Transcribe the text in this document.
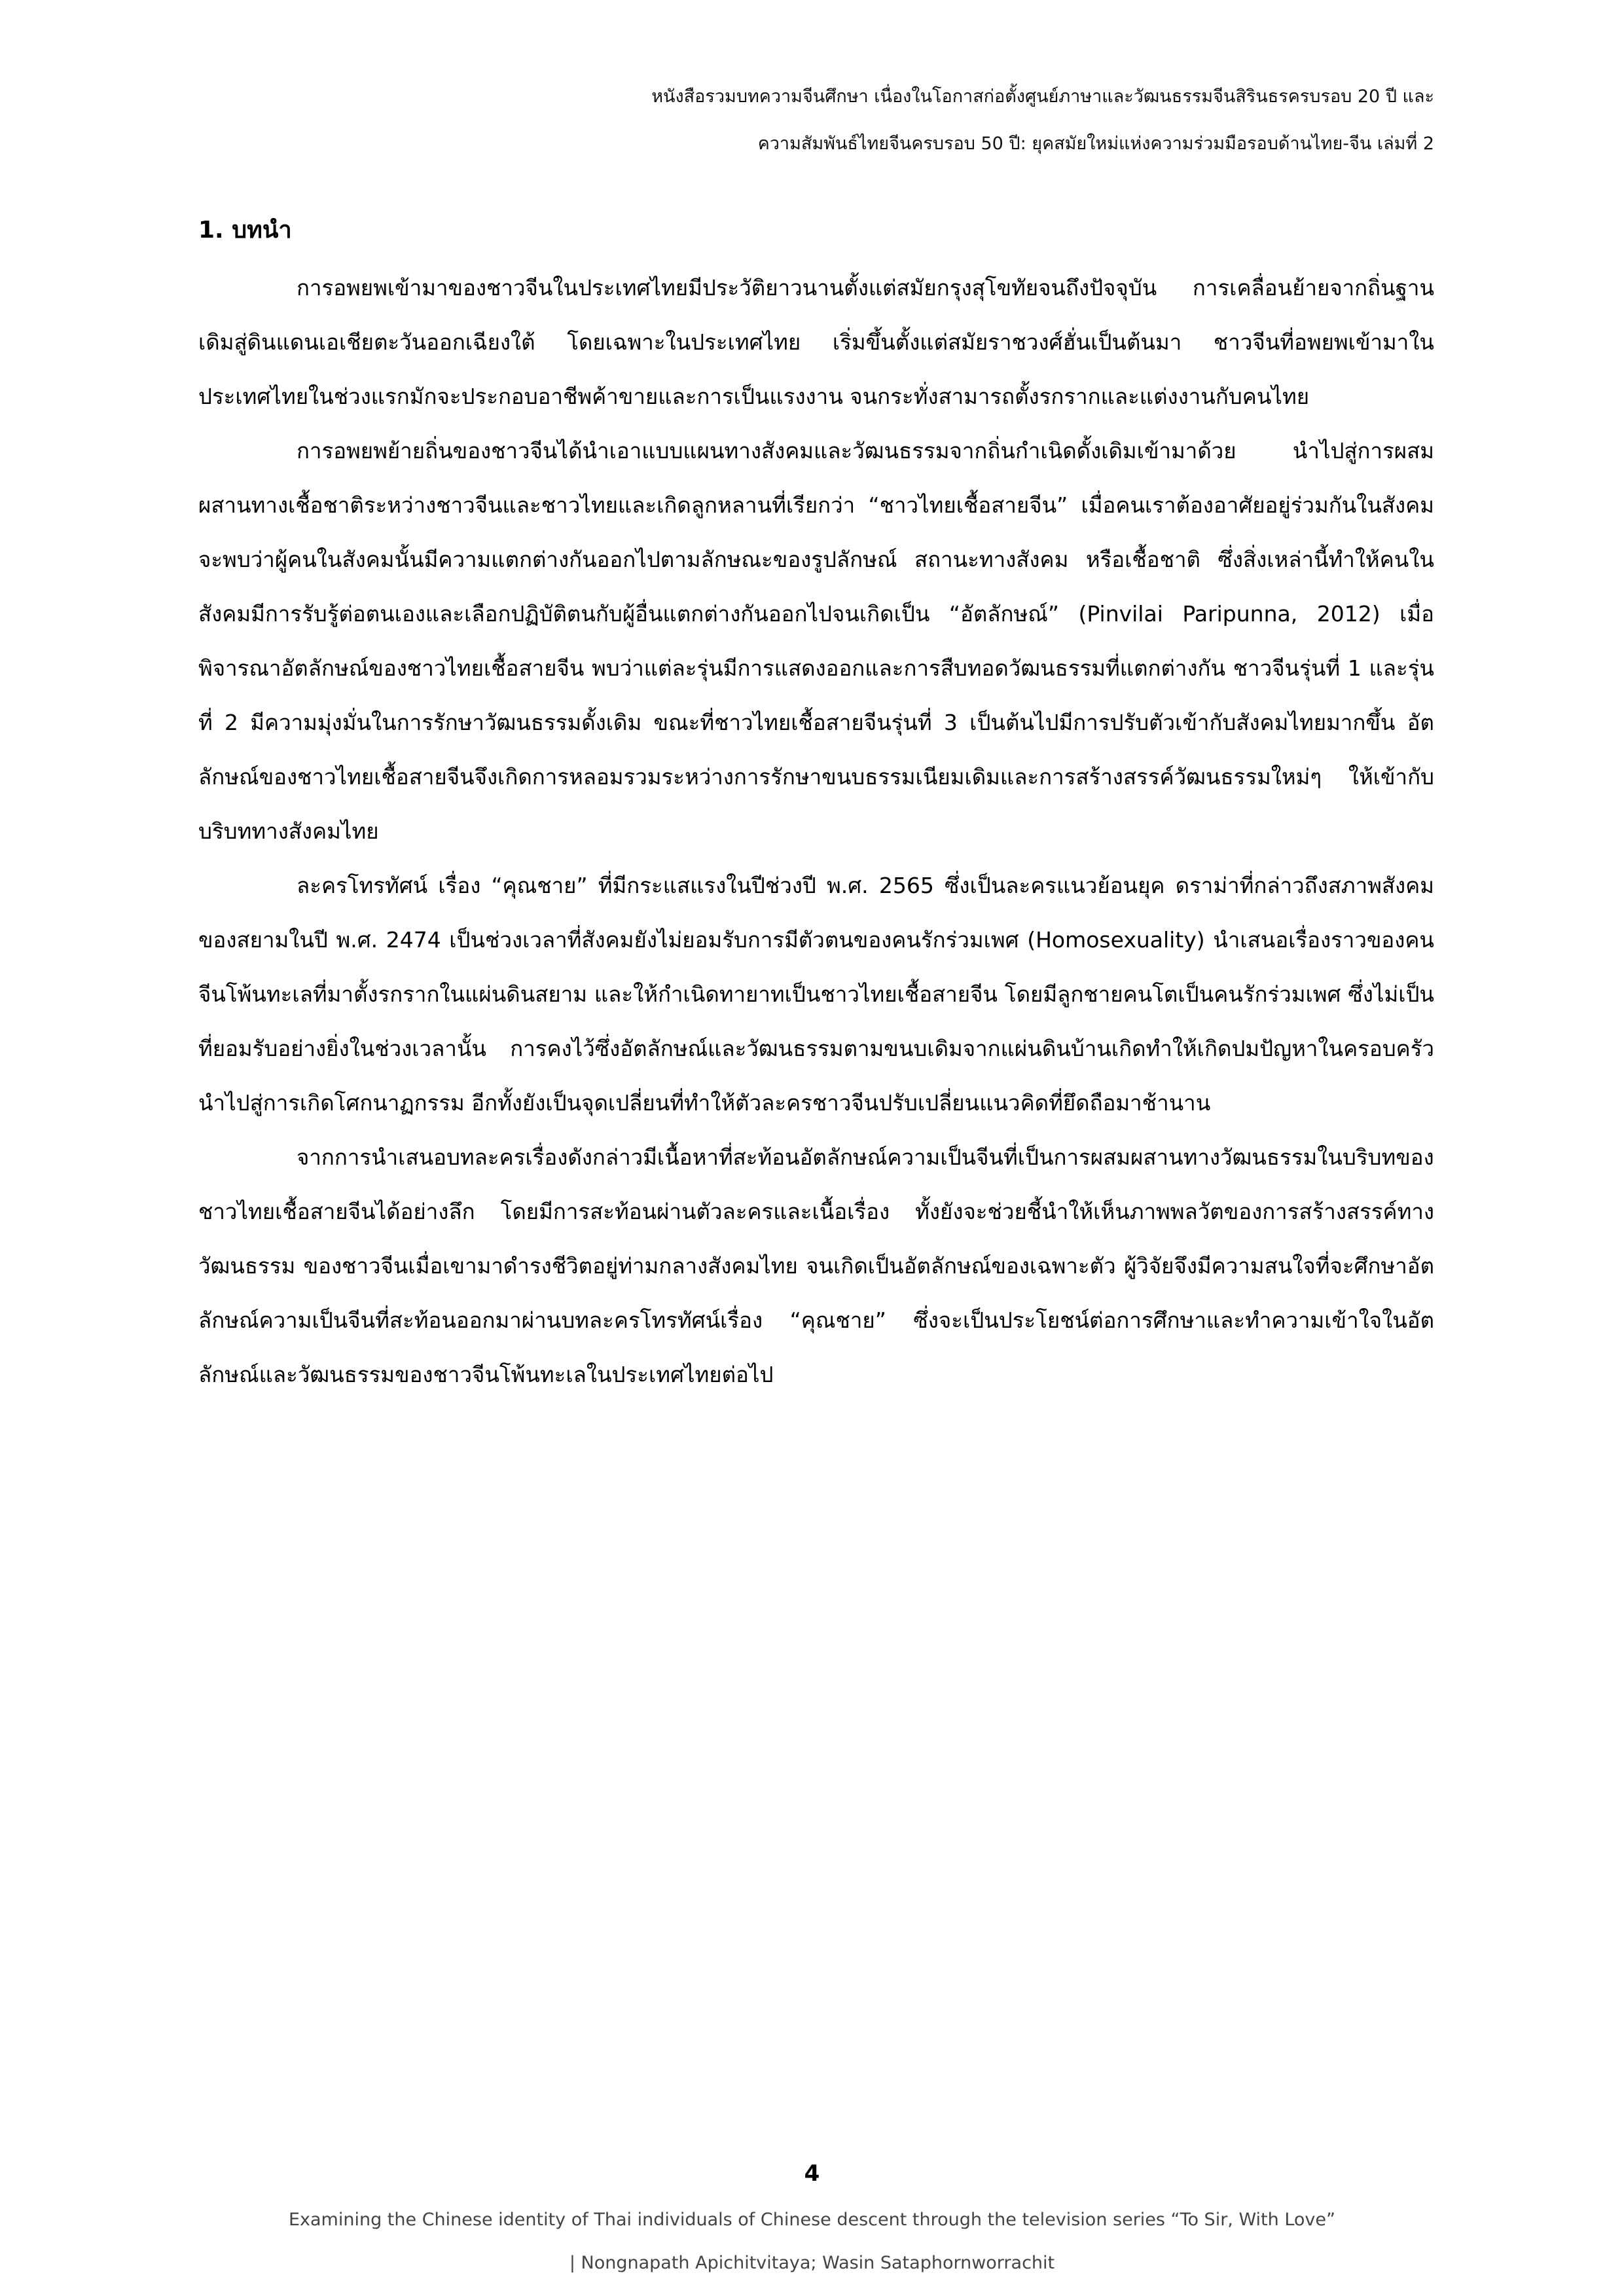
หนังสือรวมบทความจีนศึกษา เนื่องในโอกาสก่อตั้งศูนย์ภาษาและวัฒนธรรมจีนสิรินธรครบรอบ 20 ปี และ
ความสัมพันธ์ไทยจีนครบรอบ 50 ปี: ยุคสมัยใหม่แห่งความร่วมมือรอบด้านไทย-จีน เล่มที่ 2
1. บทนำ

การอพยพเข้ามาของชาวจีนในประเทศไทยมีประวัติยาวนานตั้งแต่สมัยกรุงสุโขทัยจนถึงปัจจุบัน การเคลื่อนย้ายจากถิ่นฐานเดิมสู่ดินแดนเอเชียตะวันออกเฉียงใต้ โดยเฉพาะในประเทศไทย เริ่มขึ้นตั้งแต่สมัยราชวงศ์ฮั่นเป็นต้นมา ชาวจีนที่อพยพเข้ามาในประเทศไทยในช่วงแรกมักจะประกอบอาชีพค้าขายและการเป็นแรงงาน จนกระทั่งสามารถตั้งรกรากและแต่งงานกับคนไทย

การอพยพย้ายถิ่นของชาวจีนได้นำเอาแบบแผนทางสังคมและวัฒนธรรมจากถิ่นกำเนิดดั้งเดิมเข้ามาด้วย นำไปสู่การผสมผสานทางเชื้อชาติระหว่างชาวจีนและชาวไทยและเกิดลูกหลานที่เรียกว่า “ชาวไทยเชื้อสายจีน” เมื่อคนเราต้องอาศัยอยู่ร่วมกันในสังคมจะพบว่าผู้คนในสังคมนั้นมีความแตกต่างกันออกไปตามลักษณะของรูปลักษณ์ สถานะทางสังคม หรือเชื้อชาติ ซึ่งสิ่งเหล่านี้ทำให้คนในสังคมมีการรับรู้ต่อตนเองและเลือกปฏิบัติตนกับผู้อื่นแตกต่างกันออกไปจนเกิดเป็น “อัตลักษณ์” (Pinvilai Paripunna, 2012) เมื่อพิจารณาอัตลักษณ์ของชาวไทยเชื้อสายจีน พบว่าแต่ละรุ่นมีการแสดงออกและการสืบทอดวัฒนธรรมที่แตกต่างกัน ชาวจีนรุ่นที่ 1 และรุ่นที่ 2 มีความมุ่งมั่นในการรักษาวัฒนธรรมดั้งเดิม ขณะที่ชาวไทยเชื้อสายจีนรุ่นที่ 3 เป็นต้นไปมีการปรับตัวเข้ากับสังคมไทยมากขึ้น อัตลักษณ์ของชาวไทยเชื้อสายจีนจึงเกิดการหลอมรวมระหว่างการรักษาขนบธรรมเนียมเดิมและการสร้างสรรค์วัฒนธรรมใหม่ๆ ให้เข้ากับบริบททางสังคมไทย

ละครโทรทัศน์ เรื่อง “คุณชาย” ที่มีกระแสแรงในปีช่วงปี พ.ศ. 2565 ซึ่งเป็นละครแนวย้อนยุค ดราม่าที่กล่าวถึงสภาพสังคมของสยามในปี พ.ศ. 2474 เป็นช่วงเวลาที่สังคมยังไม่ยอมรับการมีตัวตนของคนรักร่วมเพศ (Homosexuality) นำเสนอเรื่องราวของคนจีนโพ้นทะเลที่มาตั้งรกรากในแผ่นดินสยาม และให้กำเนิดทายาทเป็นชาวไทยเชื้อสายจีน โดยมีลูกชายคนโตเป็นคนรักร่วมเพศ ซึ่งไม่เป็นที่ยอมรับอย่างยิ่งในช่วงเวลานั้น การคงไว้ซึ่งอัตลักษณ์และวัฒนธรรมตามขนบเดิมจากแผ่นดินบ้านเกิดทำให้เกิดปมปัญหาในครอบครัว นำไปสู่การเกิดโศกนาฏกรรม อีกทั้งยังเป็นจุดเปลี่ยนที่ทำให้ตัวละครชาวจีนปรับเปลี่ยนแนวคิดที่ยึดถือมาช้านาน

จากการนำเสนอบทละครเรื่องดังกล่าวมีเนื้อหาที่สะท้อนอัตลักษณ์ความเป็นจีนที่เป็นการผสมผสานทางวัฒนธรรมในบริบทของชาวไทยเชื้อสายจีนได้อย่างลึก โดยมีการสะท้อนผ่านตัวละครและเนื้อเรื่อง ทั้งยังจะช่วยชี้นำให้เห็นภาพพลวัตของการสร้างสรรค์ทางวัฒนธรรม ของชาวจีนเมื่อเขามาดำรงชีวิตอยู่ท่ามกลางสังคมไทย จนเกิดเป็นอัตลักษณ์ของเฉพาะตัว ผู้วิจัยจึงมีความสนใจที่จะศึกษาอัตลักษณ์ความเป็นจีนที่สะท้อนออกมาผ่านบทละครโทรทัศน์เรื่อง “คุณชาย” ซึ่งจะเป็นประโยชน์ต่อการศึกษาและทำความเข้าใจในอัตลักษณ์และวัฒนธรรมของชาวจีนโพ้นทะเลในประเทศไทยต่อไป

4
Examining the Chinese identity of Thai individuals of Chinese descent through the television series “To Sir, With Love”
| Nongnapath Apichitvitaya; Wasin Sataphornworrachit
